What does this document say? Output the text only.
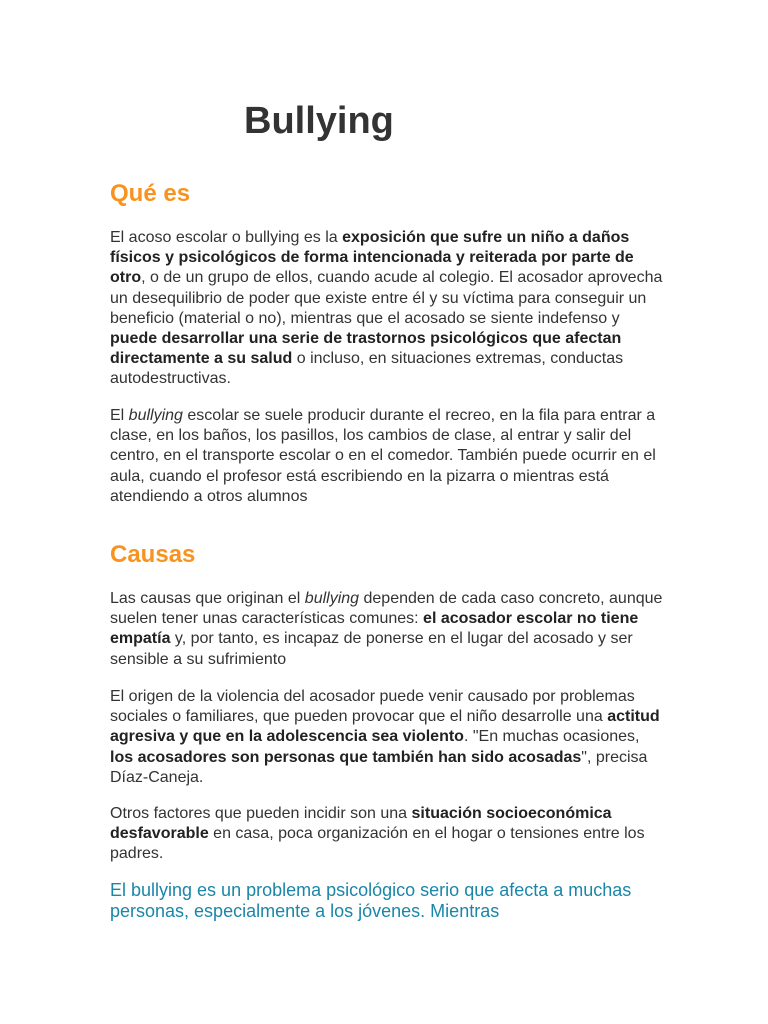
Bullying
Qué es

El acoso escolar o bullying es la exposición que sufre un niño a daños físicos y psicológicos de forma intencionada y reiterada por parte de otro, o de un grupo de ellos, cuando acude al colegio. El acosador aprovecha un desequilibrio de poder que existe entre él y su víctima para conseguir un beneficio (material o no), mientras que el acosado se siente indefenso y puede desarrollar una serie de trastornos psicológicos que afectan directamente a su salud o incluso, en situaciones extremas, conductas autodestructivas.

El bullying escolar se suele producir durante el recreo, en la fila para entrar a clase, en los baños, los pasillos, los cambios de clase, al entrar y salir del centro, en el transporte escolar o en el comedor. También puede ocurrir en el aula, cuando el profesor está escribiendo en la pizarra o mientras está atendiendo a otros alumnos

Causas

Las causas que originan el bullying dependen de cada caso concreto, aunque suelen tener unas características comunes: el acosador escolar no tiene empatía y, por tanto, es incapaz de ponerse en el lugar del acosado y ser sensible a su sufrimiento

El origen de la violencia del acosador puede venir causado por problemas sociales o familiares, que pueden provocar que el niño desarrolle una actitud agresiva y que en la adolescencia sea violento. "En muchas ocasiones, los acosadores son personas que también han sido acosadas", precisa Díaz-Caneja.

Otros factores que pueden incidir son una situación socioeconómica desfavorable en casa, poca organización en el hogar o tensiones entre los padres.

El bullying es un problema psicológico serio que afecta a muchas personas, especialmente a los jóvenes. Mientras
